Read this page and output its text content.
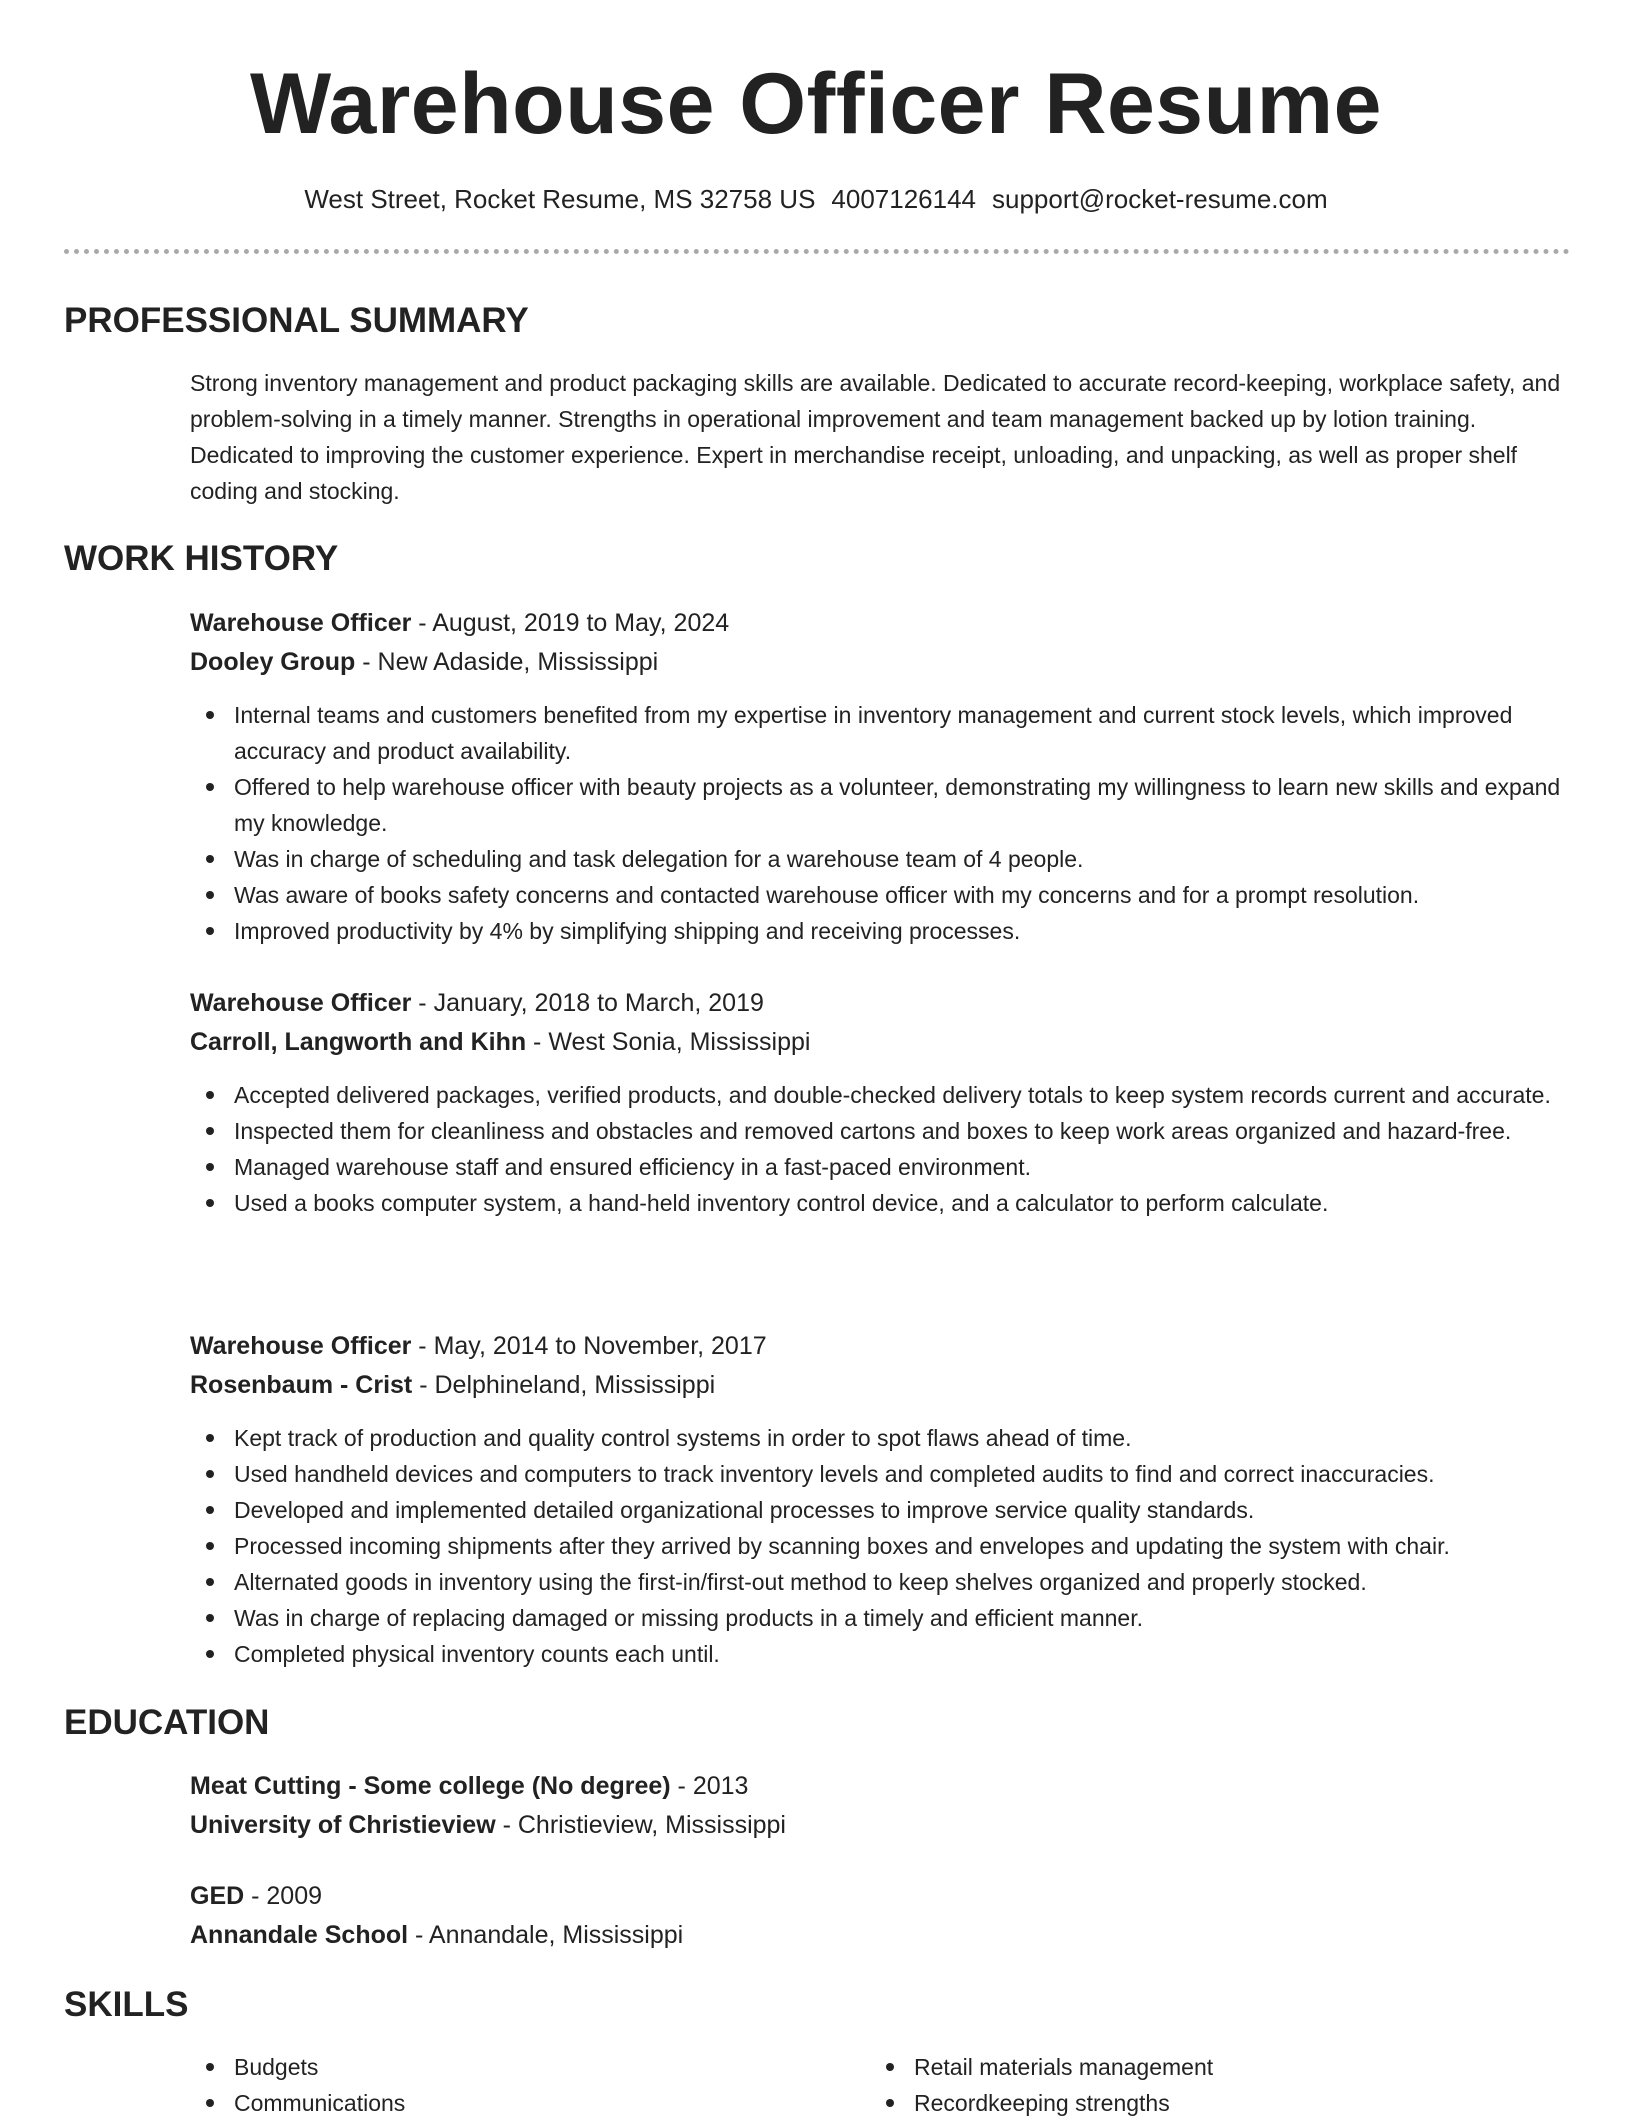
Warehouse Officer Resume
West Street, Rocket Resume, MS 32758 US 4007126144 support@rocket-resume.com
PROFESSIONAL SUMMARY
Strong inventory management and product packaging skills are available. Dedicated to accurate record-keeping, workplace safety, and problem-solving in a timely manner. Strengths in operational improvement and team management backed up by lotion training. Dedicated to improving the customer experience. Expert in merchandise receipt, unloading, and unpacking, as well as proper shelf coding and stocking.
WORK HISTORY
Warehouse Officer - August, 2019 to May, 2024
Dooley Group - New Adaside, Mississippi
Internal teams and customers benefited from my expertise in inventory management and current stock levels, which improved accuracy and product availability.
Offered to help warehouse officer with beauty projects as a volunteer, demonstrating my willingness to learn new skills and expand my knowledge.
Was in charge of scheduling and task delegation for a warehouse team of 4 people.
Was aware of books safety concerns and contacted warehouse officer with my concerns and for a prompt resolution.
Improved productivity by 4% by simplifying shipping and receiving processes.
Warehouse Officer - January, 2018 to March, 2019
Carroll, Langworth and Kihn - West Sonia, Mississippi
Accepted delivered packages, verified products, and double-checked delivery totals to keep system records current and accurate.
Inspected them for cleanliness and obstacles and removed cartons and boxes to keep work areas organized and hazard-free.
Managed warehouse staff and ensured efficiency in a fast-paced environment.
Used a books computer system, a hand-held inventory control device, and a calculator to perform calculate.
Warehouse Officer - May, 2014 to November, 2017
Rosenbaum - Crist - Delphineland, Mississippi
Kept track of production and quality control systems in order to spot flaws ahead of time.
Used handheld devices and computers to track inventory levels and completed audits to find and correct inaccuracies.
Developed and implemented detailed organizational processes to improve service quality standards.
Processed incoming shipments after they arrived by scanning boxes and envelopes and updating the system with chair.
Alternated goods in inventory using the first-in/first-out method to keep shelves organized and properly stocked.
Was in charge of replacing damaged or missing products in a timely and efficient manner.
Completed physical inventory counts each until.
EDUCATION
Meat Cutting - Some college (No degree) - 2013
University of Christieview - Christieview, Mississippi
GED - 2009
Annandale School - Annandale, Mississippi
SKILLS
Budgets
Communications
Retail materials management
Recordkeeping strengths
